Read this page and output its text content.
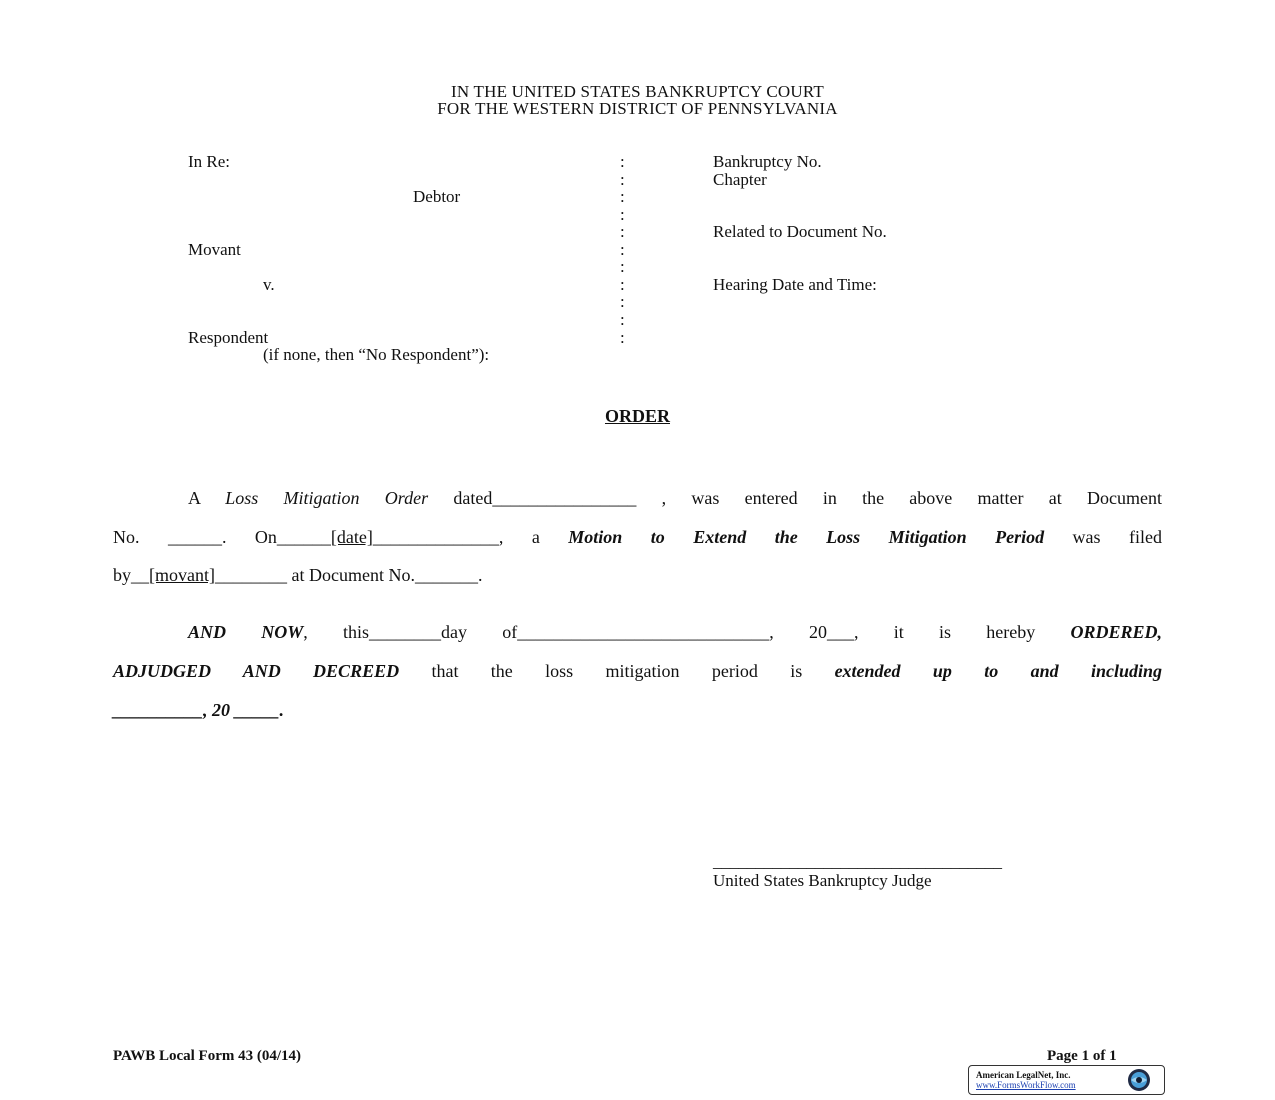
IN THE UNITED STATES BANKRUPTCY COURT
FOR THE WESTERN DISTRICT OF PENNSYLVANIA
In Re:
Debtor
Movant
v.
Respondent
(if none, then “No Respondent”):
:
:
:
:
:
:
:
:
:
:
:
Bankruptcy No.
Chapter
Related to Document No.
Hearing Date and Time:
ORDER
A Loss Mitigation Order dated________________ , was entered in the above matter at Document
No. ______. On______[date]______________, a Motion to Extend the Loss Mitigation Period was filed
by__[movant]________ at Document No._______.
AND NOW, this________day of____________________________, 20___, it is hereby ORDERED,
ADJUDGED AND DECREED that the loss mitigation period is extended up to and including
__________, 20 _____.
__________________________________
United States Bankruptcy Judge
PAWB Local Form 43 (04/14)	Page 1 of 1
American LegalNet, Inc.
www.FormsWorkFlow.com
